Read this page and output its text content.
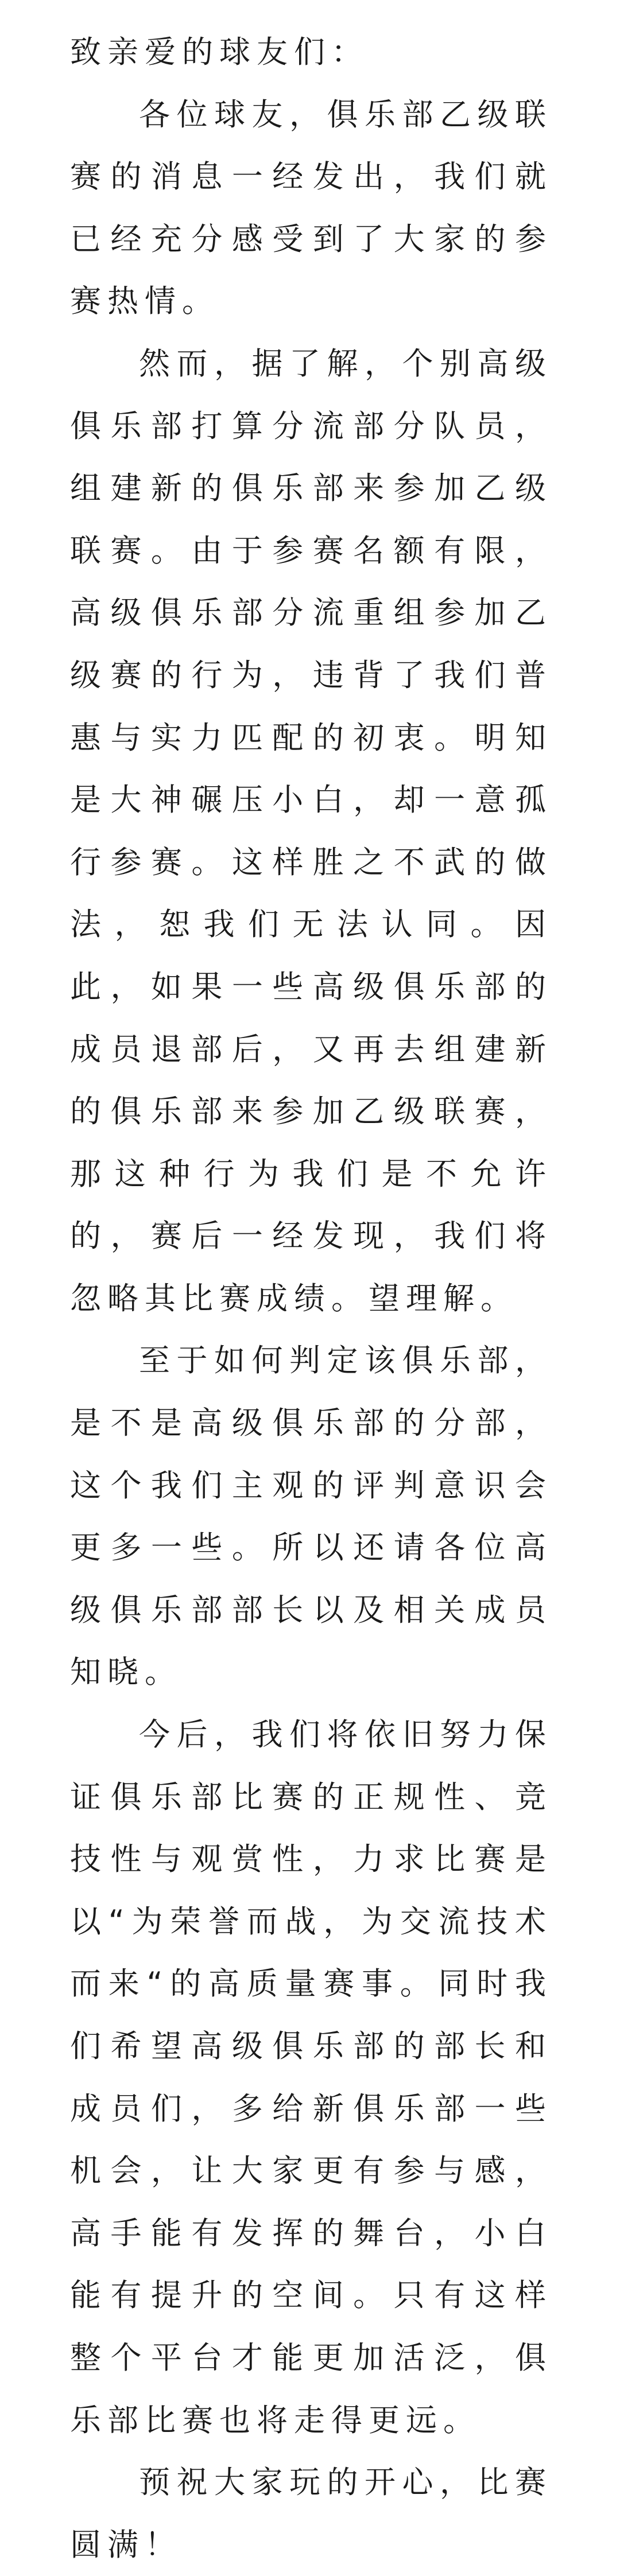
致亲爱的球友们：

各位球友，俱乐部乙级联赛的消息一经发出，我们就已经充分感受到了大家的参赛热情。

然而，据了解，个别高级俱乐部打算分流部分队员，组建新的俱乐部来参加乙级联赛。由于参赛名额有限，高级俱乐部分流重组参加乙级赛的行为，违背了我们普惠与实力匹配的初衷。明知是大神碾压小白，却一意孤行参赛。这样胜之不武的做法，恕我们无法认同。因此，如果一些高级俱乐部的成员退部后，又再去组建新的俱乐部来参加乙级联赛，那这种行为我们是不允许的，赛后一经发现，我们将忽略其比赛成绩。望理解。

至于如何判定该俱乐部，是不是高级俱乐部的分部，这个我们主观的评判意识会更多一些。所以还请各位高级俱乐部部长以及相关成员知晓。

今后，我们将依旧努力保证俱乐部比赛的正规性、竞技性与观赏性，力求比赛是以“为荣誉而战，为交流技术而来“的高质量赛事。同时我们希望高级俱乐部的部长和成员们，多给新俱乐部一些机会，让大家更有参与感，高手能有发挥的舞台，小白能有提升的空间。只有这样整个平台才能更加活泛，俱乐部比赛也将走得更远。

预祝大家玩的开心，比赛圆满！
